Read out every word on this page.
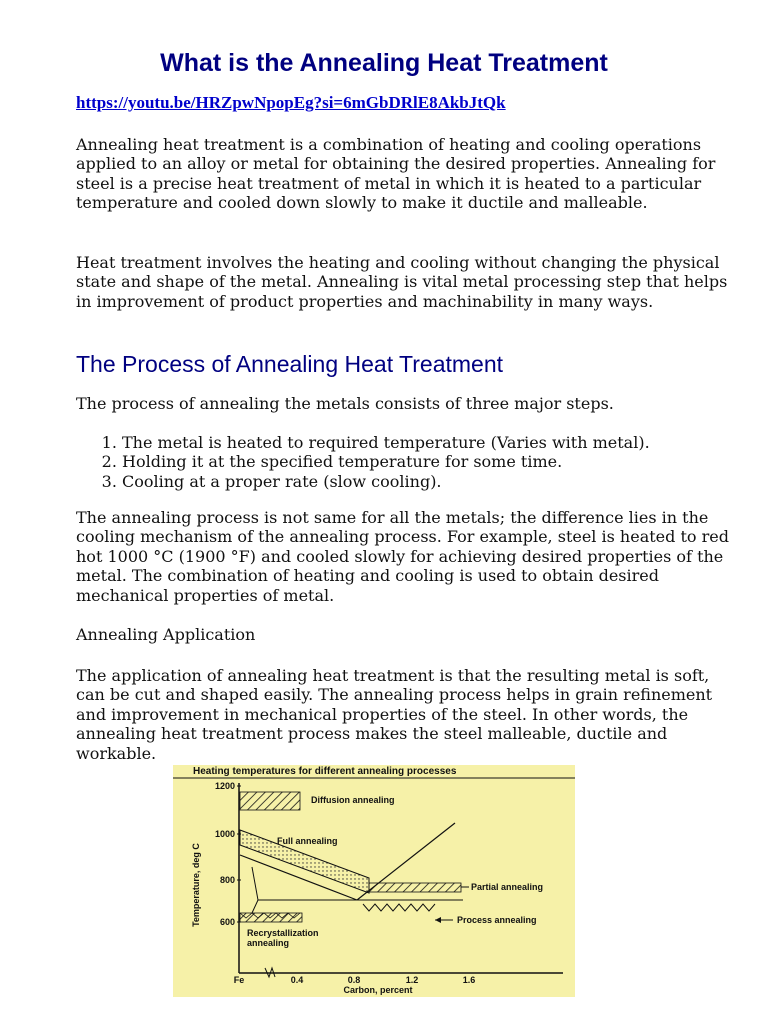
What is the Annealing Heat Treatment
https://youtu.be/HRZpwNpopEg?si=6mGbDRlE8AkbJtQk

Annealing heat treatment is a combination of heating and cooling operations applied to an alloy or metal for obtaining the desired properties. Annealing for steel is a precise heat treatment of metal in which it is heated to a particular temperature and cooled down slowly to make it ductile and malleable.

Heat treatment involves the heating and cooling without changing the physical state and shape of the metal. Annealing is vital metal processing step that helps in improvement of product properties and machinability in many ways.

The Process of Annealing Heat Treatment

The process of annealing the metals consists of three major steps.

1. The metal is heated to required temperature (Varies with metal).
2. Holding it at the specified temperature for some time.
3. Cooling at a proper rate (slow cooling).

The annealing process is not same for all the metals; the difference lies in the cooling mechanism of the annealing process. For example, steel is heated to red hot 1000 °C (1900 °F) and cooled slowly for achieving desired properties of the metal. The combination of heating and cooling is used to obtain desired mechanical properties of metal.

Annealing Application

The application of annealing heat treatment is that the resulting metal is soft, can be cut and shaped easily. The annealing process helps in grain refinement and improvement in mechanical properties of the steel. In other words, the annealing heat treatment process makes the steel malleable, ductile and workable.

Heating temperatures for different annealing processes
1200
1000
800
600
Temperature, deg C
Fe	0.4	0.8	1.2	1.6
Carbon, percent
Diffusion annealing
Full annealing
Partial annealing
Process annealing
Recrystallization
annealing
